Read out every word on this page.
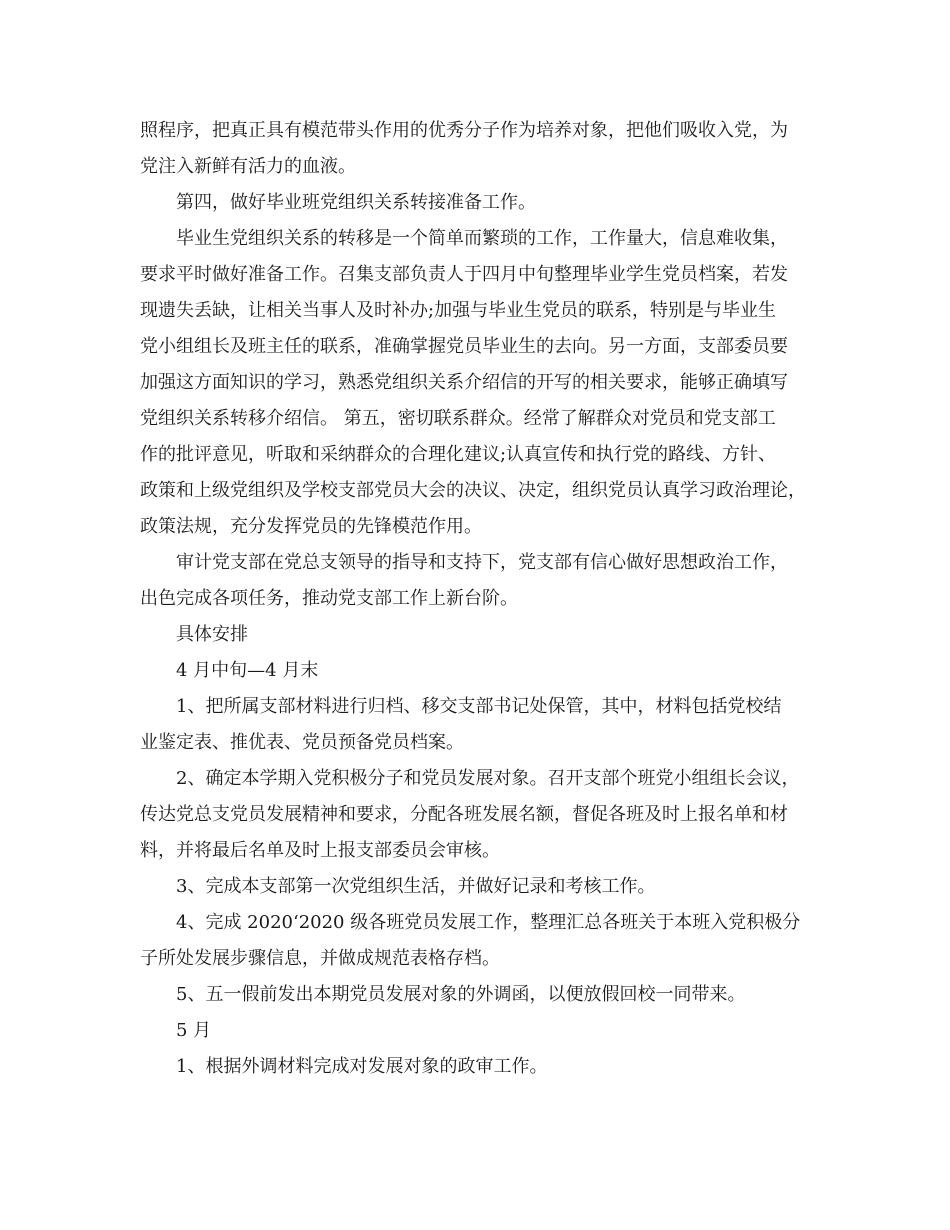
照程序，把真正具有模范带头作用的优秀分子作为培养对象，把他们吸收入党，为
党注入新鲜有活力的血液。
第四，做好毕业班党组织关系转接准备工作。
毕业生党组织关系的转移是一个简单而繁琐的工作，工作量大，信息难收集，
要求平时做好准备工作。召集支部负责人于四月中旬整理毕业学生党员档案，若发
现遗失丢缺，让相关当事人及时补办;加强与毕业生党员的联系，特别是与毕业生
党小组组长及班主任的联系，准确掌握党员毕业生的去向。另一方面，支部委员要
加强这方面知识的学习，熟悉党组织关系介绍信的开写的相关要求，能够正确填写
党组织关系转移介绍信。 第五，密切联系群众。经常了解群众对党员和党支部工
作的批评意见，听取和采纳群众的合理化建议;认真宣传和执行党的路线、方针、
政策和上级党组织及学校支部党员大会的决议、决定，组织党员认真学习政治理论，
政策法规，充分发挥党员的先锋模范作用。
审计党支部在党总支领导的指导和支持下，党支部有信心做好思想政治工作，
出色完成各项任务，推动党支部工作上新台阶。
具体安排
4 月中旬—4 月末
1、把所属支部材料进行归档、移交支部书记处保管，其中，材料包括党校结
业鉴定表、推优表、党员预备党员档案。
2、确定本学期入党积极分子和党员发展对象。召开支部个班党小组组长会议，
传达党总支党员发展精神和要求，分配各班发展名额，督促各班及时上报名单和材
料，并将最后名单及时上报支部委员会审核。
3、完成本支部第一次党组织生活，并做好记录和考核工作。
4、完成 2020‘2020 级各班党员发展工作，整理汇总各班关于本班入党积极分
子所处发展步骤信息，并做成规范表格存档。
5、五一假前发出本期党员发展对象的外调函，以便放假回校一同带来。
5 月
1、根据外调材料完成对发展对象的政审工作。
